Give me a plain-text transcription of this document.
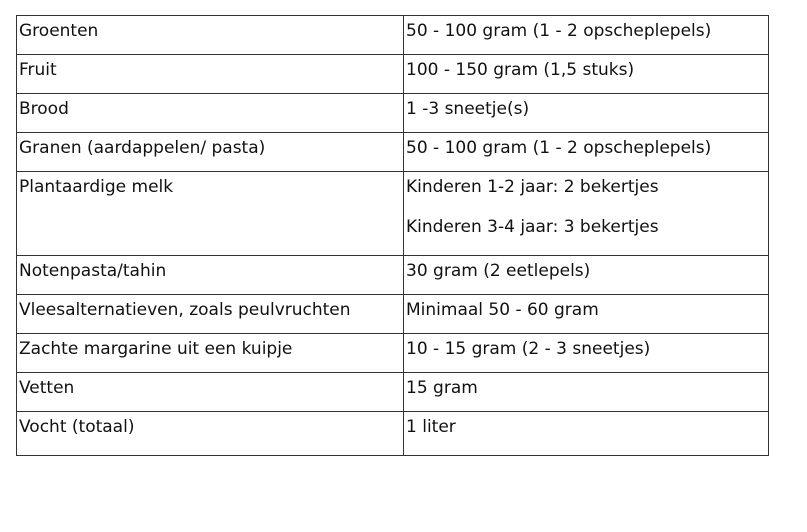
Groenten	50 - 100 gram (1 - 2 opscheplepels)

Fruit	100 - 150 gram (1,5 stuks)

Brood	1 -3 sneetje(s)

Granen (aardappelen/ pasta)	50 - 100 gram (1 - 2 opscheplepels)

Plantaardige melk	Kinderen 1-2 jaar: 2 bekertjes
Kinderen 3-4 jaar: 3 bekertjes

Notenpasta/tahin	30 gram (2 eetlepels)

Vleesalternatieven, zoals peulvruchten	Minimaal 50 - 60 gram

Zachte margarine uit een kuipje	10 - 15 gram (2 - 3 sneetjes)

Vetten	15 gram

Vocht (totaal)	1 liter
